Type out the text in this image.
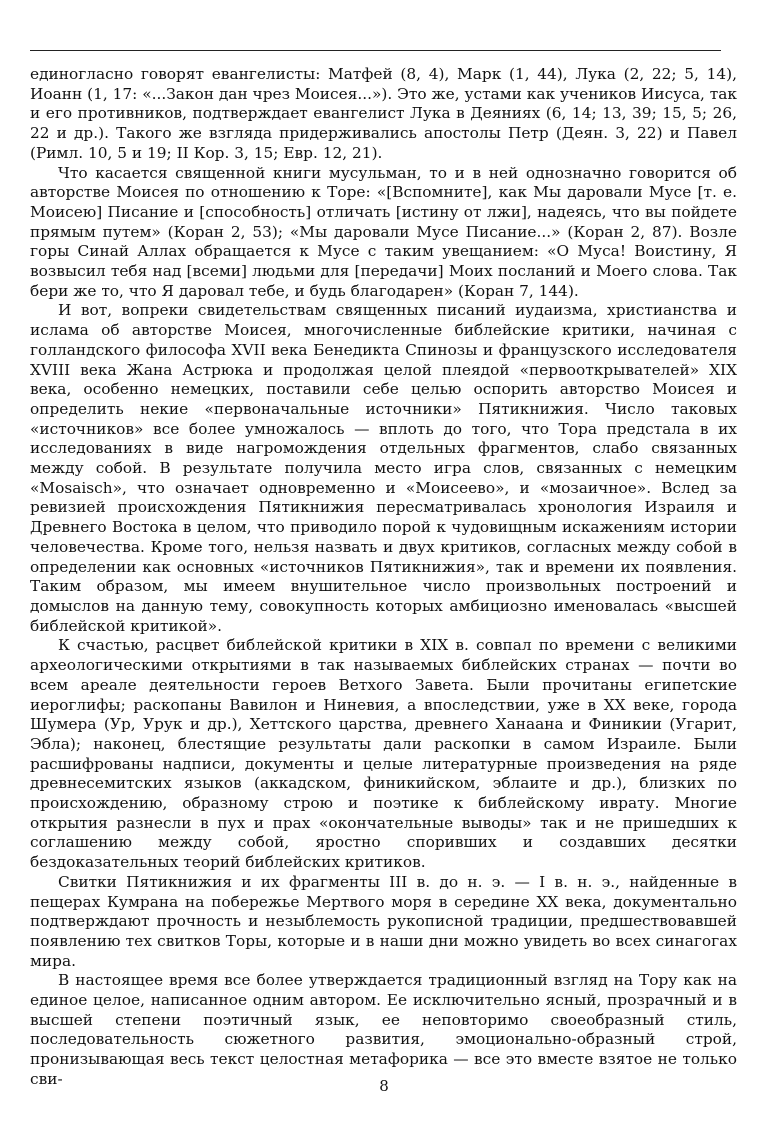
единогласно говорят евангелисты: Матфей (8, 4), Марк (1, 44), Лука (2, 22; 5, 14), Иоанн (1, 17: «...Закон дан чрез Моисея...»). Это же, устами как учеников Иисуса, так и его противников, подтверждает евангелист Лука в Деяниях (6, 14; 13, 39; 15, 5; 26, 22 и др.). Такого же взгляда придерживались апостолы Петр (Деян. 3, 22) и Павел (Римл. 10, 5 и 19; II Кор. 3, 15; Евр. 12, 21).

Что касается священной книги мусульман, то и в ней однозначно говорится об авторстве Моисея по отношению к Торе: «[Вспомните], как Мы даровали Мусе [т. е. Моисею] Писание и [способность] отличать [истину от лжи], надеясь, что вы пойдете прямым путем» (Коран 2, 53); «Мы даровали Мусе Писание...» (Коран 2, 87). Возле горы Синай Аллах обращается к Мусе с таким увещанием: «О Муса! Воистину, Я возвысил тебя над [всеми] людьми для [передачи] Моих посланий и Моего слова. Так бери же то, что Я даровал тебе, и будь благодарен» (Коран 7, 144).

И вот, вопреки свидетельствам священных писаний иудаизма, христианства и ислама об авторстве Моисея, многочисленные библейские критики, начиная с голландского философа XVII века Бенедикта Спинозы и французского исследователя XVIII века Жана Астрюка и продолжая целой плеядой «первооткрывателей» XIX века, особенно немецких, поставили себе целью оспорить авторство Моисея и определить некие «первоначальные источники» Пятикнижия. Число таковых «источников» все более умножалось — вплоть до того, что Тора предстала в их исследованиях в виде нагромождения отдельных фрагментов, слабо связанных между собой. В результате получила место игра слов, связанных с немецким «Mosaisch», что означает одновременно и «Моисеево», и «мозаичное». Вслед за ревизией происхождения Пятикнижия пересматривалась хронология Израиля и Древнего Востока в целом, что приводило порой к чудовищным искажениям истории человечества. Кроме того, нельзя назвать и двух критиков, согласных между собой в определении как основных «источников Пятикнижия», так и времени их появления. Таким образом, мы имеем внушительное число произвольных построений и домыслов на данную тему, совокупность которых амбициозно именовалась «высшей библейской критикой».

К счастью, расцвет библейской критики в XIX в. совпал по времени с великими археологическими открытиями в так называемых библейских странах — почти во всем ареале деятельности героев Ветхого Завета. Были прочитаны египетские иероглифы; раскопаны Вавилон и Ниневия, а впоследствии, уже в XX веке, города Шумера (Ур, Урук и др.), Хеттского царства, древнего Ханаана и Финикии (Угарит, Эбла); наконец, блестящие результаты дали раскопки в самом Израиле. Были расшифрованы надписи, документы и целые литературные произведения на ряде древнесемитских языков (аккадском, финикийском, эблаите и др.), близких по происхождению, образному строю и поэтике к библейскому иврату. Многие открытия разнесли в пух и прах «окончательные выводы» так и не пришедших к соглашению между собой, яростно споривших и создавших десятки бездоказательных теорий библейских критиков.

Свитки Пятикнижия и их фрагменты III в. до н. э. — I в. н. э., найденные в пещерах Кумрана на побережье Мертвого моря в середине XX века, документально подтверждают прочность и незыблемость рукописной традиции, предшествовавшей появлению тех свитков Торы, которые и в наши дни можно увидеть во всех синагогах мира.

В настоящее время все более утверждается традиционный взгляд на Тору как на единое целое, написанное одним автором. Ее исключительно ясный, прозрачный и в высшей степени поэтичный язык, ее неповторимо своеобразный стиль, последовательность сюжетного развития, эмоционально-образный строй, пронизывающая весь текст целостная метафорика — все это вместе взятое не только сви-	8
